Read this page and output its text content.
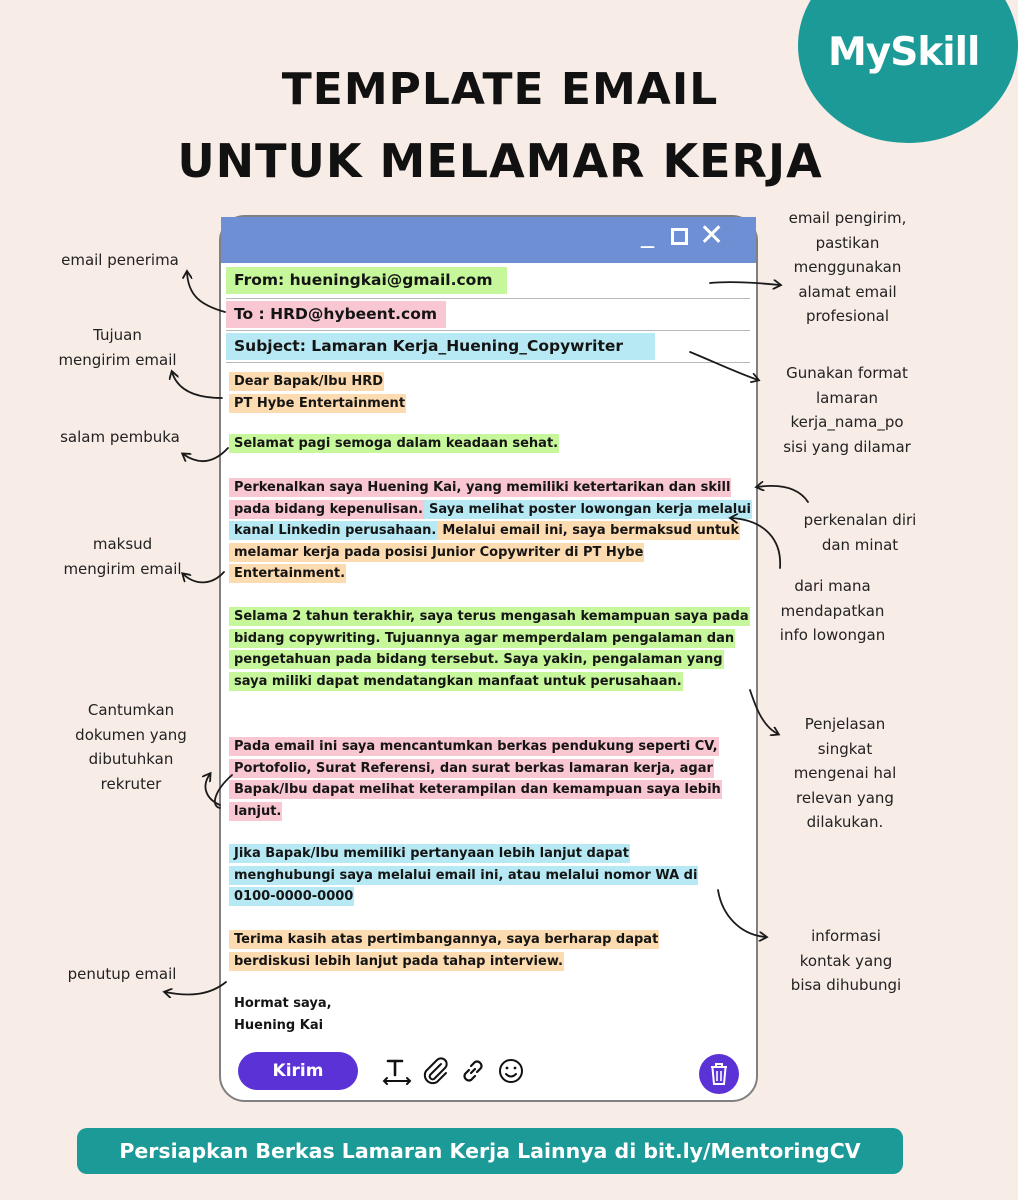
MySkill
TEMPLATE EMAIL
UNTUK MELAMAR KERJA
_ ✕
From: hueningkai@gmail.com
To : HRD@hybeent.com
Subject: Lamaran Kerja_Huening_Copywriter
Dear Bapak/Ibu HRD
PT Hybe Entertainment
Selamat pagi semoga dalam keadaan sehat.
Perkenalkan saya Huening Kai, yang memiliki ketertarikan dan skill pada bidang kepenulisan. Saya melihat poster lowongan kerja melalui kanal Linkedin perusahaan. Melalui email ini, saya bermaksud untuk melamar kerja pada posisi Junior Copywriter di PT Hybe Entertainment.
Selama 2 tahun terakhir, saya terus mengasah kemampuan saya pada bidang copywriting. Tujuannya agar memperdalam pengalaman dan pengetahuan pada bidang tersebut. Saya yakin, pengalaman yang saya miliki dapat mendatangkan manfaat untuk perusahaan.
Pada email ini saya mencantumkan berkas pendukung seperti CV, Portofolio, Surat Referensi, dan surat berkas lamaran kerja, agar Bapak/Ibu dapat melihat keterampilan dan kemampuan saya lebih lanjut.
Jika Bapak/Ibu memiliki pertanyaan lebih lanjut dapat menghubungi saya melalui email ini, atau melalui nomor WA di 0100-0000-0000
Terima kasih atas pertimbangannya, saya berharap dapat berdiskusi lebih lanjut pada tahap interview.
Hormat saya,
Huening Kai
Kirim
email penerima
Tujuan
mengirim email
salam pembuka
maksud
mengirim email
Cantumkan
dokumen yang
dibutuhkan
rekruter
penutup email
email pengirim,
pastikan
menggunakan
alamat email
profesional
Gunakan format
lamaran
kerja_nama_po
sisi yang dilamar
perkenalan diri
dan minat
dari mana
mendapatkan
info lowongan
Penjelasan
singkat
mengenai hal
relevan yang
dilakukan.
informasi
kontak yang
bisa dihubungi
Persiapkan Berkas Lamaran Kerja Lainnya di bit.ly/MentoringCV
